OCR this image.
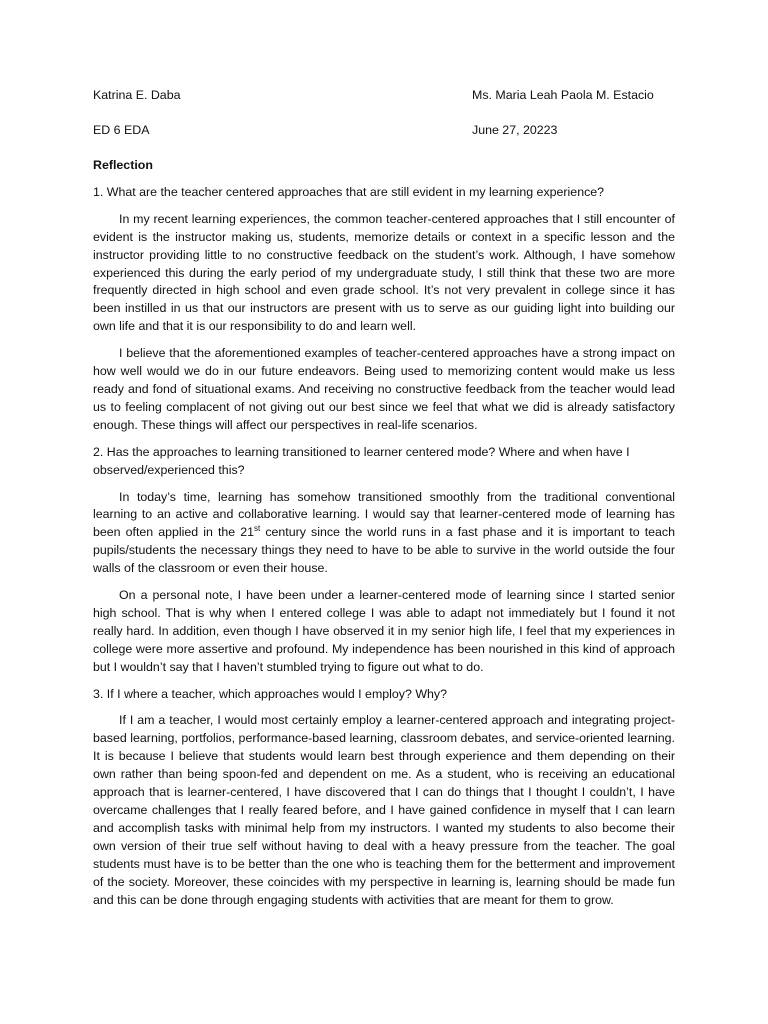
Katrina E. Daba	Ms. Maria Leah Paola M. Estacio
ED 6 EDA	June 27, 20223
Reflection
1. What are the teacher centered approaches that are still evident in my learning experience?

In my recent learning experiences, the common teacher-centered approaches that I still encounter of evident is the instructor making us, students, memorize details or context in a specific lesson and the instructor providing little to no constructive feedback on the student’s work. Although, I have somehow experienced this during the early period of my undergraduate study, I still think that these two are more frequently directed in high school and even grade school. It’s not very prevalent in college since it has been instilled in us that our instructors are present with us to serve as our guiding light into building our own life and that it is our responsibility to do and learn well.

I believe that the aforementioned examples of teacher-centered approaches have a strong impact on how well would we do in our future endeavors. Being used to memorizing content would make us less ready and fond of situational exams. And receiving no constructive feedback from the teacher would lead us to feeling complacent of not giving out our best since we feel that what we did is already satisfactory enough. These things will affect our perspectives in real-life scenarios.

2. Has the approaches to learning transitioned to learner centered mode? Where and when have I observed/experienced this?

In today’s time, learning has somehow transitioned smoothly from the traditional conventional learning to an active and collaborative learning. I would say that learner-centered mode of learning has been often applied in the 21st century since the world runs in a fast phase and it is important to teach pupils/students the necessary things they need to have to be able to survive in the world outside the four walls of the classroom or even their house.

On a personal note, I have been under a learner-centered mode of learning since I started senior high school. That is why when I entered college I was able to adapt not immediately but I found it not really hard. In addition, even though I have observed it in my senior high life, I feel that my experiences in college were more assertive and profound. My independence has been nourished in this kind of approach but I wouldn’t say that I haven’t stumbled trying to figure out what to do.

3. If I where a teacher, which approaches would I employ? Why?

If I am a teacher, I would most certainly employ a learner-centered approach and integrating project-based learning, portfolios, performance-based learning, classroom debates, and service-oriented learning. It is because I believe that students would learn best through experience and them depending on their own rather than being spoon-fed and dependent on me. As a student, who is receiving an educational approach that is learner-centered, I have discovered that I can do things that I thought I couldn’t, I have overcame challenges that I really feared before, and I have gained confidence in myself that I can learn and accomplish tasks with minimal help from my instructors. I wanted my students to also become their own version of their true self without having to deal with a heavy pressure from the teacher. The goal students must have is to be better than the one who is teaching them for the betterment and improvement of the society. Moreover, these coincides with my perspective in learning is, learning should be made fun and this can be done through engaging students with activities that are meant for them to grow.
